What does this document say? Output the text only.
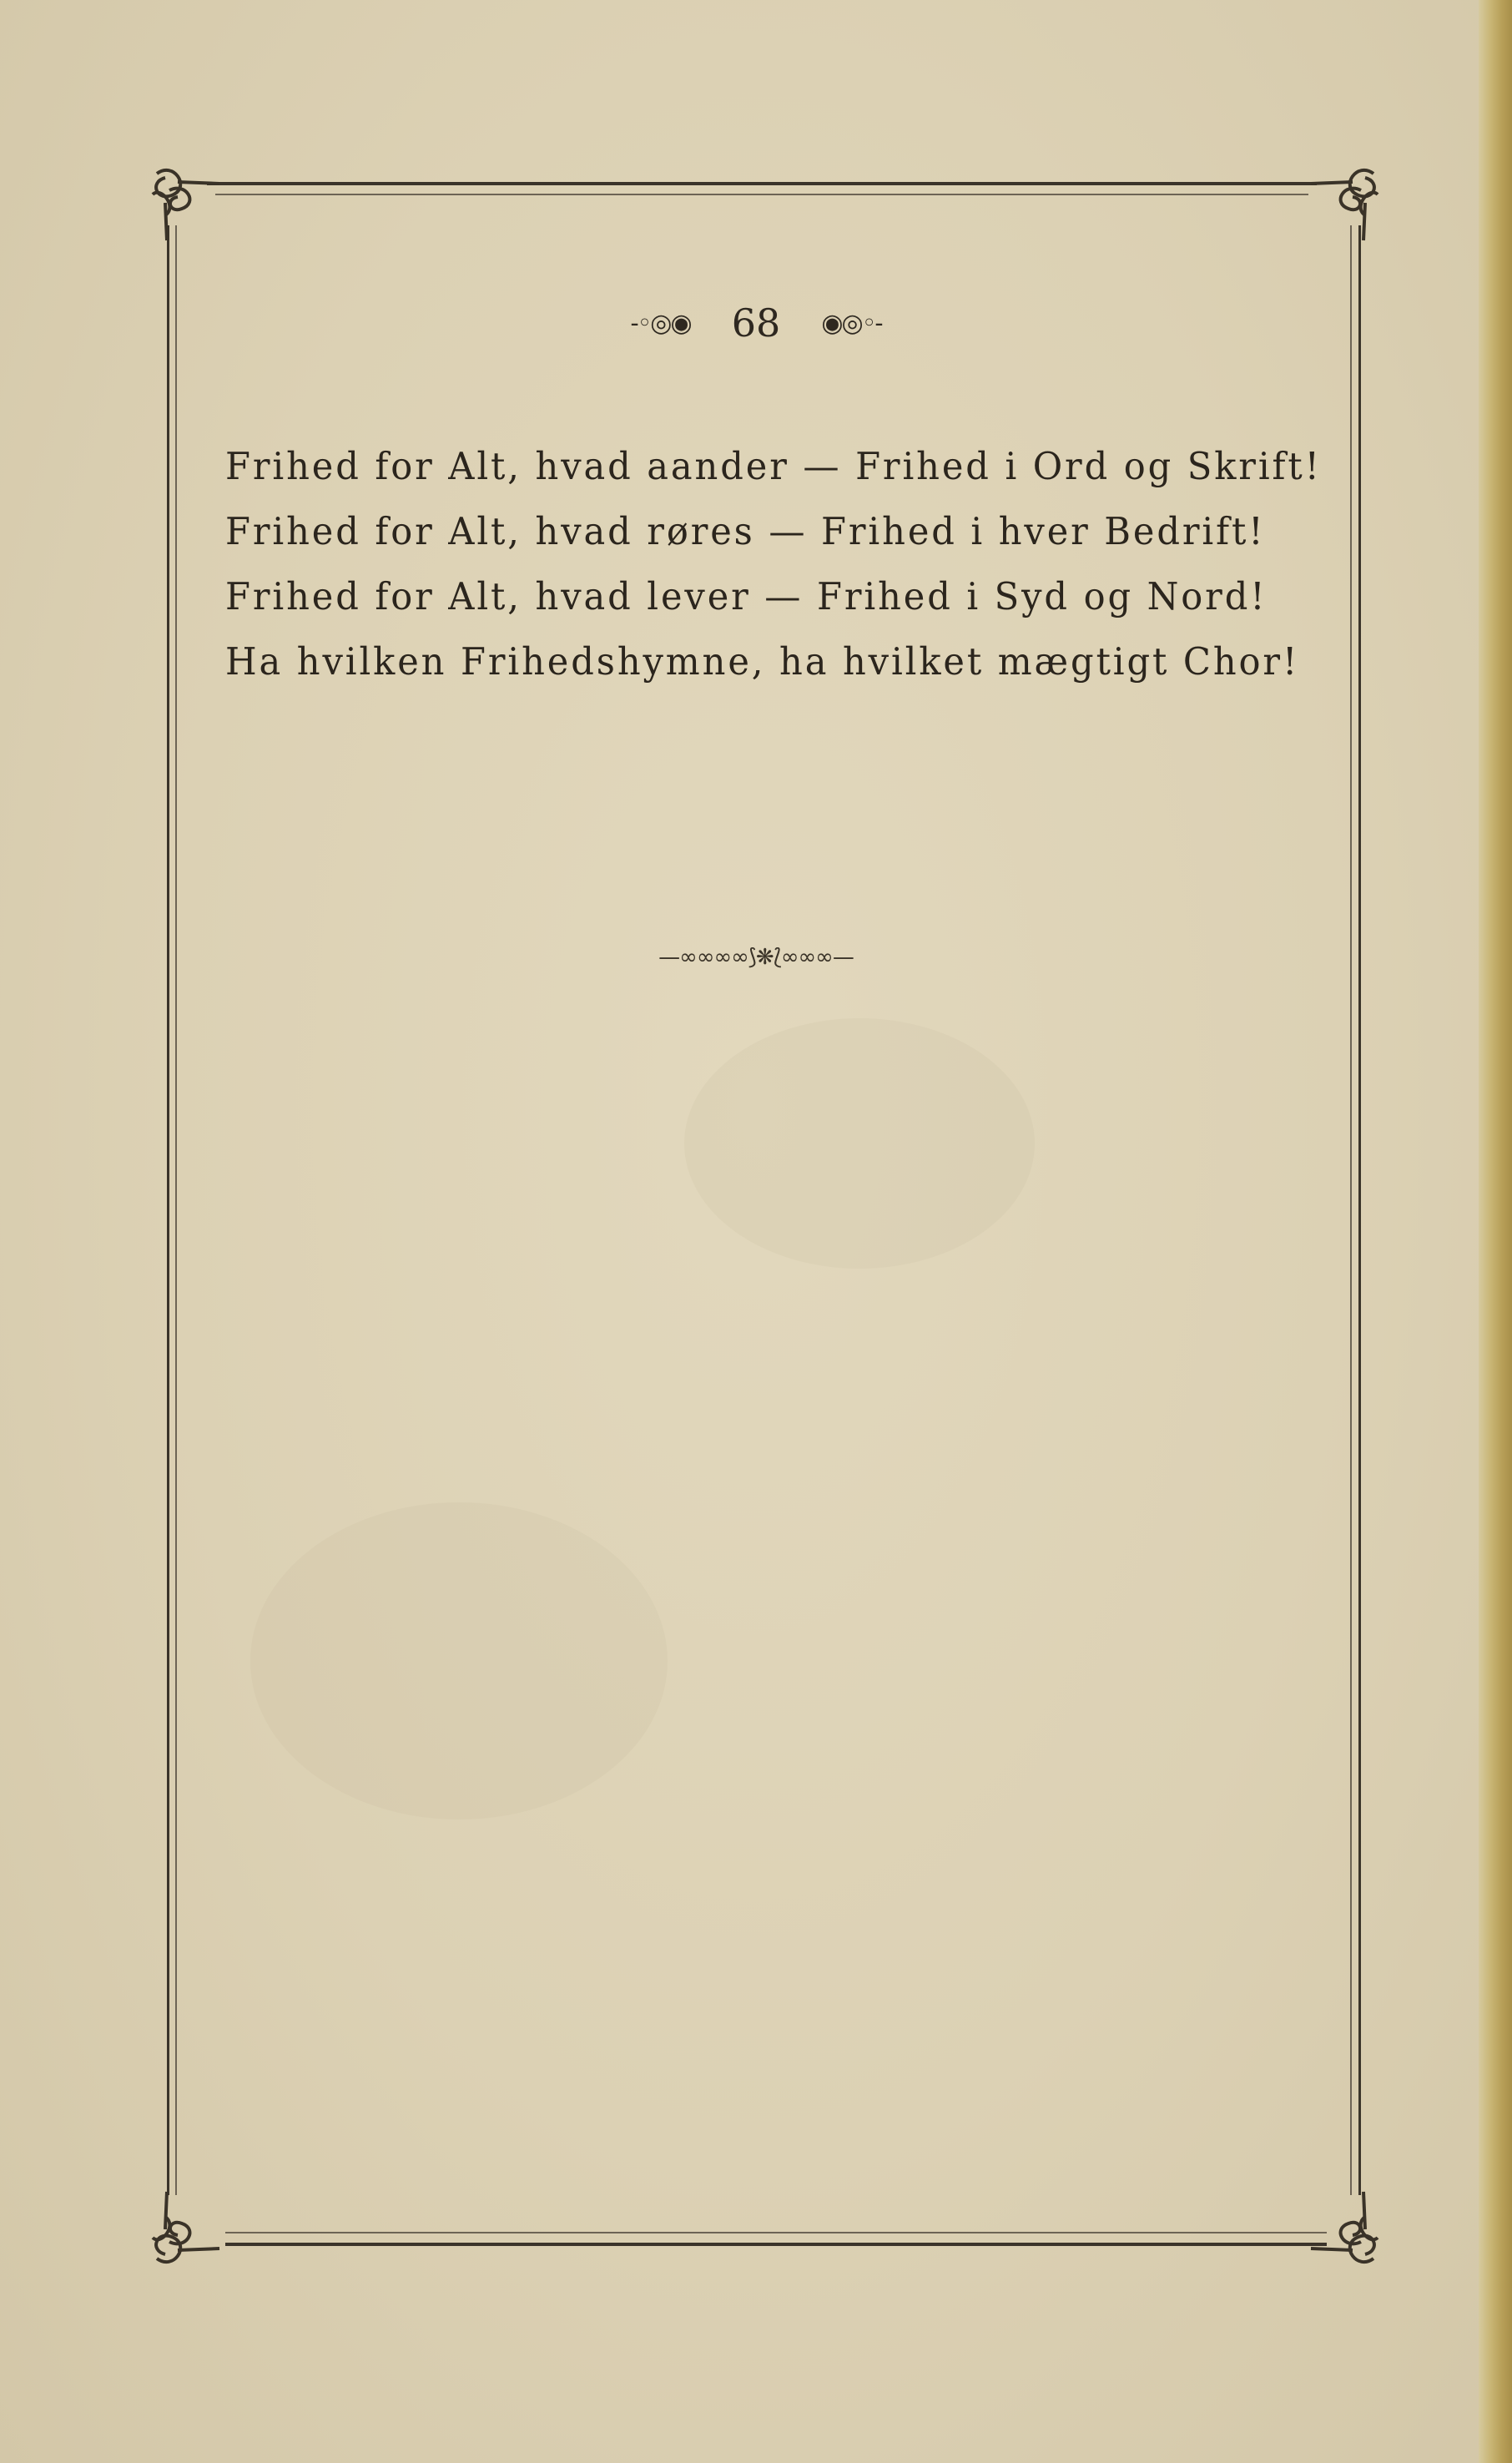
-◦◎◉ 68 ◉◎◦-
Frihed for Alt, hvad aander — Frihed i Ord og Skrift!
Frihed for Alt, hvad røres — Frihed i hver Bedrift!
Frihed for Alt, hvad lever — Frihed i Syd og Nord!
Ha hvilken Frihedshymne, ha hvilket mægtigt Chor!
—∞∞∞∞⟆❋⟅∞∞∞—
